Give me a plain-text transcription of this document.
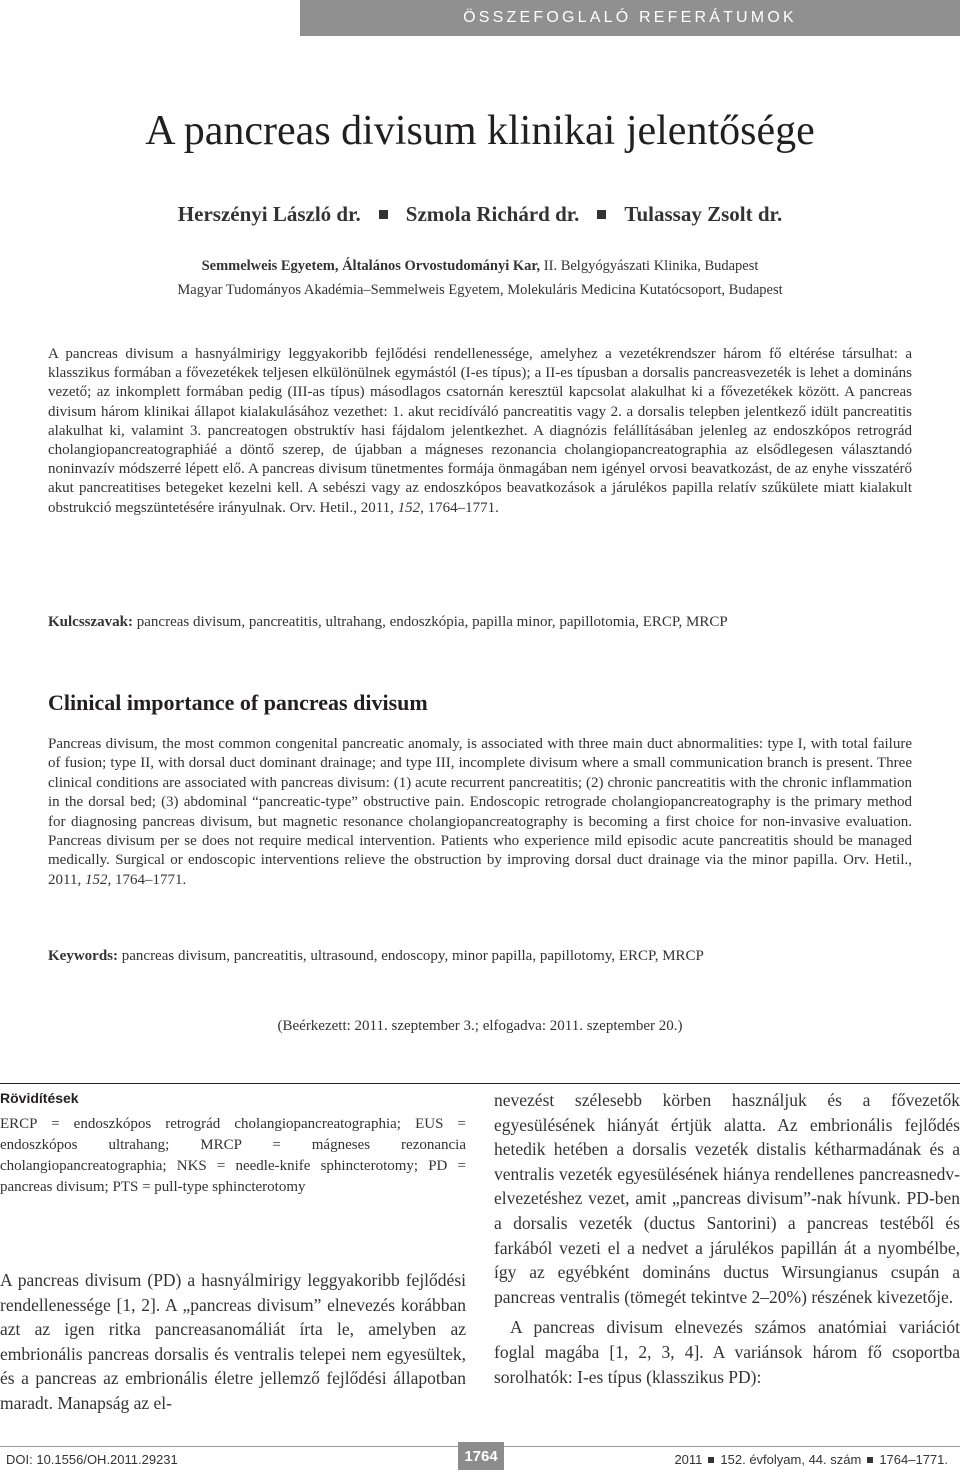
ÖSSZEFOGLALÓ REFERÁTUMOK
A pancreas divisum klinikai jelentősége
Herszényi László dr. Szmola Richárd dr. Tulassay Zsolt dr.
Semmelweis Egyetem, Általános Orvostudományi Kar, II. Belgyógyászati Klinika, Budapest
Magyar Tudományos Akadémia–Semmelweis Egyetem, Molekuláris Medicina Kutatócsoport, Budapest
A pancreas divisum a hasnyálmirigy leggyakoribb fejlődési rendellenessége, amelyhez a vezetékrendszer három fő eltérése társulhat: a klasszikus formában a fővezetékek teljesen elkülönülnek egymástól (I-es típus); a II-es típusban a dorsalis pancreasvezeték is lehet a domináns vezető; az inkomplett formában pedig (III-as típus) másodlagos csatornán keresztül kapcsolat alakulhat ki a fővezetékek között. A pancreas divisum három klinikai állapot kialakulásához vezethet: 1. akut recidíváló pancreatitis vagy 2. a dorsalis telepben jelentkező idült pancreatitis alakulhat ki, valamint 3. pancreatogen obstruktív hasi fájdalom jelentkezhet. A diagnózis felállításában jelenleg az endoszkópos retrográd cholangiopancreatographiáé a döntő szerep, de újabban a mágneses rezonancia cholangiopancreatographia az elsődlegesen választandó noninvazív módszerré lépett elő. A pancreas divisum tünetmentes formája önmagában nem igényel orvosi beavatkozást, de az enyhe visszatérő akut pancreatitises betegeket kezelni kell. A sebészi vagy az endoszkópos beavatkozások a járulékos papilla relatív szűkülete miatt kialakult obstrukció megszüntetésére irányulnak. Orv. Hetil., 2011, 152, 1764–1771.
Kulcsszavak: pancreas divisum, pancreatitis, ultrahang, endoszkópia, papilla minor, papillotomia, ERCP, MRCP
Clinical importance of pancreas divisum
Pancreas divisum, the most common congenital pancreatic anomaly, is associated with three main duct abnormalities: type I, with total failure of fusion; type II, with dorsal duct dominant drainage; and type III, incomplete divisum where a small communication branch is present. Three clinical conditions are associated with pancreas divisum: (1) acute recurrent pancreatitis; (2) chronic pancreatitis with the chronic inflammation in the dorsal bed; (3) abdominal “pancreatic-type” obstructive pain. Endoscopic retrograde cholangiopancreatography is the primary method for diagnosing pancreas divisum, but magnetic resonance cholangiopancreatography is becoming a first choice for non-invasive evaluation. Pancreas divisum per se does not require medical intervention. Patients who experience mild episodic acute pancreatitis should be managed medically. Surgical or endoscopic interventions relieve the obstruction by improving dorsal duct drainage via the minor papilla. Orv. Hetil., 2011, 152, 1764–1771.
Keywords: pancreas divisum, pancreatitis, ultrasound, endoscopy, minor papilla, papillotomy, ERCP, MRCP
(Beérkezett: 2011. szeptember 3.; elfogadva: 2011. szeptember 20.)
Rövidítések
ERCP = endoszkópos retrográd cholangiopancreatographia; EUS = endoszkópos ultrahang; MRCP = mágneses rezonancia cholangiopancreatographia; NKS = needle-knife sphincterotomy; PD = pancreas divisum; PTS = pull-type sphincterotomy

A pancreas divisum (PD) a hasnyálmirigy leggyakoribb fejlődési rendellenessége [1, 2]. A „pancreas divisum” elnevezés korábban azt az igen ritka pancreasanomáliát írta le, amelyben az embrionális pancreas dorsalis és ventralis telepei nem egyesültek, és a pancreas az embrionális életre jellemző fejlődési állapotban maradt. Manapság az el-

nevezést szélesebb körben használjuk és a fővezetők egyesülésének hiányát értjük alatta. Az embrionális fejlődés hetedik hetében a dorsalis vezeték distalis kétharmadának és a ventralis vezeték egyesülésének hiánya rendellenes pancreasnedv-elvezetéshez vezet, amit „pancreas divisum”-nak hívunk. PD-ben a dorsalis vezeték (ductus Santorini) a pancreas testéből és farkából vezeti el a nedvet a járulékos papillán át a nyombélbe, így az egyébként domináns ductus Wirsungianus csupán a pancreas ventralis (tömegét tekintve 2–20%) részének kivezetője.

A pancreas divisum elnevezés számos anatómiai variációt foglal magába [1, 2, 3, 4]. A variánsok három fő csoportba sorolhatók: I-es típus (klasszikus PD):

DOI: 10.1556/OH.2011.29231	1764	2011 152. évfolyam, 44. szám 1764–1771.
